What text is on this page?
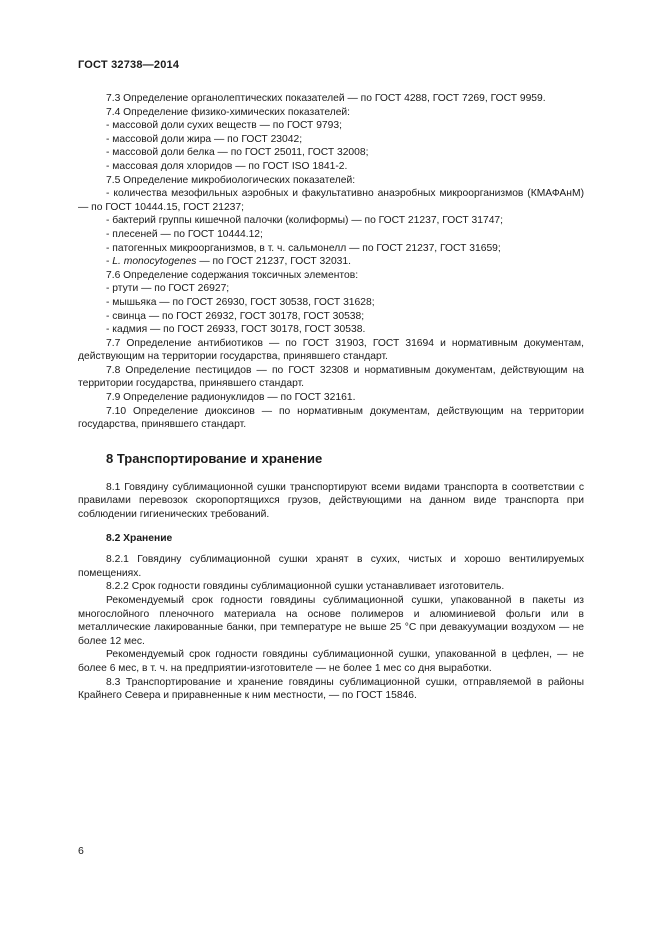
ГОСТ 32738—2014

7.3 Определение органолептических показателей — по ГОСТ 4288, ГОСТ 7269, ГОСТ 9959.

7.4 Определение физико-химических показателей:

- массовой доли сухих веществ — по ГОСТ 9793;

- массовой доли жира — по ГОСТ 23042;

- массовой доли белка — по ГОСТ 25011, ГОСТ 32008;

- массовая доля хлоридов — по ГОСТ ISO 1841-2.

7.5 Определение микробиологических показателей:

- количества мезофильных аэробных и факультативно анаэробных микроорганизмов (КМАФАнМ) — по ГОСТ 10444.15, ГОСТ 21237;

- бактерий группы кишечной палочки (колиформы) — по ГОСТ 21237, ГОСТ 31747;

- плесеней — по ГОСТ 10444.12;

- патогенных микроорганизмов, в т. ч. сальмонелл — по ГОСТ 21237, ГОСТ 31659;

- L. monocytogenes — по ГОСТ 21237, ГОСТ 32031.

7.6 Определение содержания токсичных элементов:

- ртути — по ГОСТ 26927;

- мышьяка — по ГОСТ 26930, ГОСТ 30538, ГОСТ 31628;

- свинца — по ГОСТ 26932, ГОСТ 30178, ГОСТ 30538;

- кадмия — по ГОСТ 26933, ГОСТ 30178, ГОСТ 30538.

7.7 Определение антибиотиков — по ГОСТ 31903, ГОСТ 31694 и нормативным документам, действующим на территории государства, принявшего стандарт.

7.8 Определение пестицидов — по ГОСТ 32308 и нормативным документам, действующим на территории государства, принявшего стандарт.

7.9 Определение радионуклидов — по ГОСТ 32161.

7.10 Определение диоксинов — по нормативным документам, действующим на территории государства, принявшего стандарт.

8 Транспортирование и хранение

8.1 Говядину сублимационной сушки транспортируют всеми видами транспорта в соответствии с правилами перевозок скоропортящихся грузов, действующими на данном виде транспорта при соблюдении гигиенических требований.

8.2 Хранение

8.2.1 Говядину сублимационной сушки хранят в сухих, чистых и хорошо вентилируемых помещениях.

8.2.2 Срок годности говядины сублимационной сушки устанавливает изготовитель.

Рекомендуемый срок годности говядины сублимационной сушки, упакованной в пакеты из многослойного пленочного материала на основе полимеров и алюминиевой фольги или в металлические лакированные банки, при температуре не выше 25 °C при девакуумации воздухом — не более 12 мес.

Рекомендуемый срок годности говядины сублимационной сушки, упакованной в цефлен, — не более 6 мес, в т. ч. на предприятии-изготовителе — не более 1 мес со дня выработки.

8.3 Транспортирование и хранение говядины сублимационной сушки, отправляемой в районы Крайнего Севера и приравненные к ним местности, — по ГОСТ 15846.

6
